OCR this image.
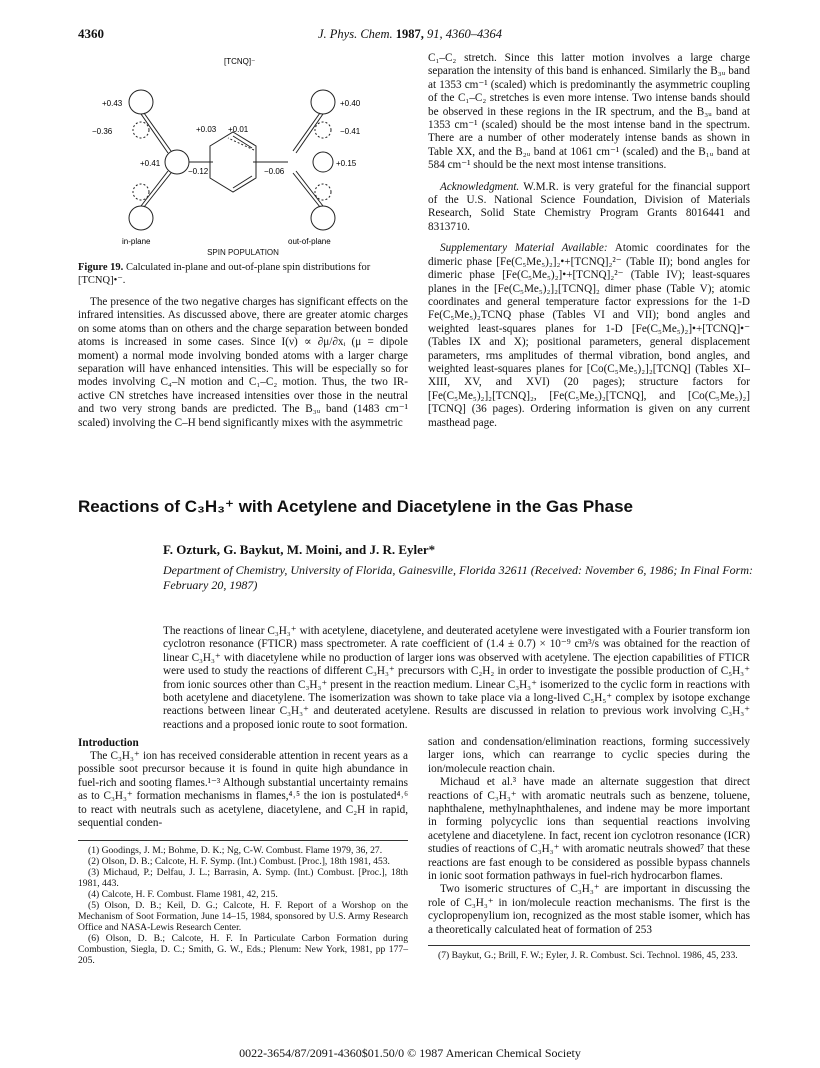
4360	J. Phys. Chem. 1987, 91, 4360–4364
[TCNQ]⁻
+0.43
−0.36	+0.03 +0.01
+0.41
−0.12	−0.06
+0.15
+0.40
−0.41
in-plane	out-of-plane
SPIN POPULATION
Figure 19. Calculated in-plane and out-of-plane spin distributions for [TCNQ]•⁻.

The presence of the two negative charges has significant effects on the infrared intensities. As discussed above, there are greater atomic charges on some atoms than on others and the charge separation between bonded atoms is increased in some cases. Since I(ν) ∝ ∂μ/∂xᵢ (μ = dipole moment) a normal mode involving bonded atoms with a larger charge separation will have enhanced intensities. This will be especially so for modes involving C₄–N motion and C₁–C₂ motion. Thus, the two IR-active CN stretches have increased intensities over those in the neutral and two very strong bands are predicted. The B₃ᵤ band (1483 cm⁻¹ scaled) involving the C–H bend significantly mixes with the asymmetric

C₁–C₂ stretch. Since this latter motion involves a large charge separation the intensity of this band is enhanced. Similarly the B₃ᵤ band at 1353 cm⁻¹ (scaled) which is predominantly the asymmetric coupling of the C₁–C₂ stretches is even more intense. Two intense bands should be observed in these regions in the IR spectrum, and the B₃ᵤ band at 1353 cm⁻¹ (scaled) should be the most intense band in the spectrum. There are a number of other moderately intense bands as shown in Table XX, and the B₂ᵤ band at 1061 cm⁻¹ (scaled) and the B₁ᵤ band at 584 cm⁻¹ should be the next most intense transitions.

Acknowledgment. W.M.R. is very grateful for the financial support of the U.S. National Science Foundation, Division of Materials Research, Solid State Chemistry Program Grants 8016441 and 8313710.

Supplementary Material Available: Atomic coordinates for the dimeric phase [Fe(C₅Me₅)₂]₂•+[TCNQ]₂²⁻ (Table II); bond angles for dimeric phase [Fe(C₅Me₅)₂]•+[TCNQ]₂²⁻ (Table IV); least-squares planes in the [Fe(C₅Me₅)₂]₂[TCNQ]₂ dimer phase (Table V); atomic coordinates and general temperature factor expressions for the 1-D Fe(C₅Me₅)₂TCNQ phase (Tables VI and VII); bond angles and weighted least-squares planes for 1-D [Fe(C₅Me₅)₂]•+[TCNQ]•⁻ (Tables IX and X); positional parameters, general displacement parameters, rms amplitudes of thermal vibration, bond angles, and weighted least-squares planes for [Co(C₅Me₅)₂]₂[TCNQ] (Tables XI–XIII, XV, and XVI) (20 pages); structure factors for [Fe(C₅Me₅)₂]₂[TCNQ]₂, [Fe(C₅Me₅)₂[TCNQ], and [Co(C₅Me₅)₂][TCNQ] (36 pages). Ordering information is given on any current masthead page.

Reactions of C₃H₃⁺ with Acetylene and Diacetylene in the Gas Phase
F. Ozturk, G. Baykut, M. Moini, and J. R. Eyler*
Department of Chemistry, University of Florida, Gainesville, Florida 32611 (Received: November 6, 1986; In Final Form: February 20, 1987)
The reactions of linear C₃H₃⁺ with acetylene, diacetylene, and deuterated acetylene were investigated with a Fourier transform ion cyclotron resonance (FTICR) mass spectrometer. A rate coefficient of (1.4 ± 0.7) × 10⁻⁹ cm³/s was obtained for the reaction of linear C₃H₃⁺ with diacetylene while no production of larger ions was observed with acetylene. The ejection capabilities of FTICR were used to study the reactions of different C₃H₃⁺ precursors with C₂H₂ in order to investigate the possible production of C₅H₃⁺ from ionic sources other than C₃H₃⁺ present in the reaction medium. Linear C₃H₃⁺ isomerized to the cyclic form in reactions with both acetylene and diacetylene. The isomerization was shown to take place via a long-lived C₅H₅⁺ complex by isotope exchange reactions between linear C₃H₃⁺ and deuterated acetylene. Results are discussed in relation to previous work involving C₃H₃⁺ reactions and a proposed ionic route to soot formation.
Introduction

The C₃H₃⁺ ion has received considerable attention in recent years as a possible soot precursor because it is found in quite high abundance in fuel-rich and sooting flames.¹⁻³ Although substantial uncertainty remains as to C₃H₃⁺ formation mechanisms in flames,⁴˒⁵ the ion is postulated⁴˒⁶ to react with neutrals such as acetylene, diacetylene, and C₂H in rapid, sequential conden-

(1) Goodings, J. M.; Bohme, D. K.; Ng, C-W. Combust. Flame 1979, 36, 27.

(2) Olson, D. B.; Calcote, H. F. Symp. (Int.) Combust. [Proc.], 18th 1981, 453.

(3) Michaud, P.; Delfau, J. L.; Barrasin, A. Symp. (Int.) Combust. [Proc.], 18th 1981, 443.

(4) Calcote, H. F. Combust. Flame 1981, 42, 215.

(5) Olson, D. B.; Keil, D. G.; Calcote, H. F. Report of a Worshop on the Mechanism of Soot Formation, June 14–15, 1984, sponsored by U.S. Army Research Office and NASA-Lewis Research Center.

(6) Olson, D. B.; Calcote, H. F. In Particulate Carbon Formation during Combustion, Siegla, D. C.; Smith, G. W., Eds.; Plenum: New York, 1981, pp 177–205.

sation and condensation/elimination reactions, forming successively larger ions, which can rearrange to cyclic species during the ion/molecule reaction chain.

Michaud et al.³ have made an alternate suggestion that direct reactions of C₃H₃⁺ with aromatic neutrals such as benzene, toluene, naphthalene, methylnaphthalenes, and indene may be more important in forming polycyclic ions than sequential reactions involving acetylene and diacetylene. In fact, recent ion cyclotron resonance (ICR) studies of reactions of C₃H₃⁺ with aromatic neutrals showed⁷ that these reactions are fast enough to be considered as possible bypass channels in ionic soot formation pathways in fuel-rich hydrocarbon flames.

Two isomeric structures of C₃H₃⁺ are important in discussing the role of C₃H₃⁺ in ion/molecule reaction mechanisms. The first is the cyclopropenylium ion, recognized as the most stable isomer, which has a theoretically calculated heat of formation of 253

(7) Baykut, G.; Brill, F. W.; Eyler, J. R. Combust. Sci. Technol. 1986, 45, 233.

0022-3654/87/2091-4360$01.50/0 © 1987 American Chemical Society
